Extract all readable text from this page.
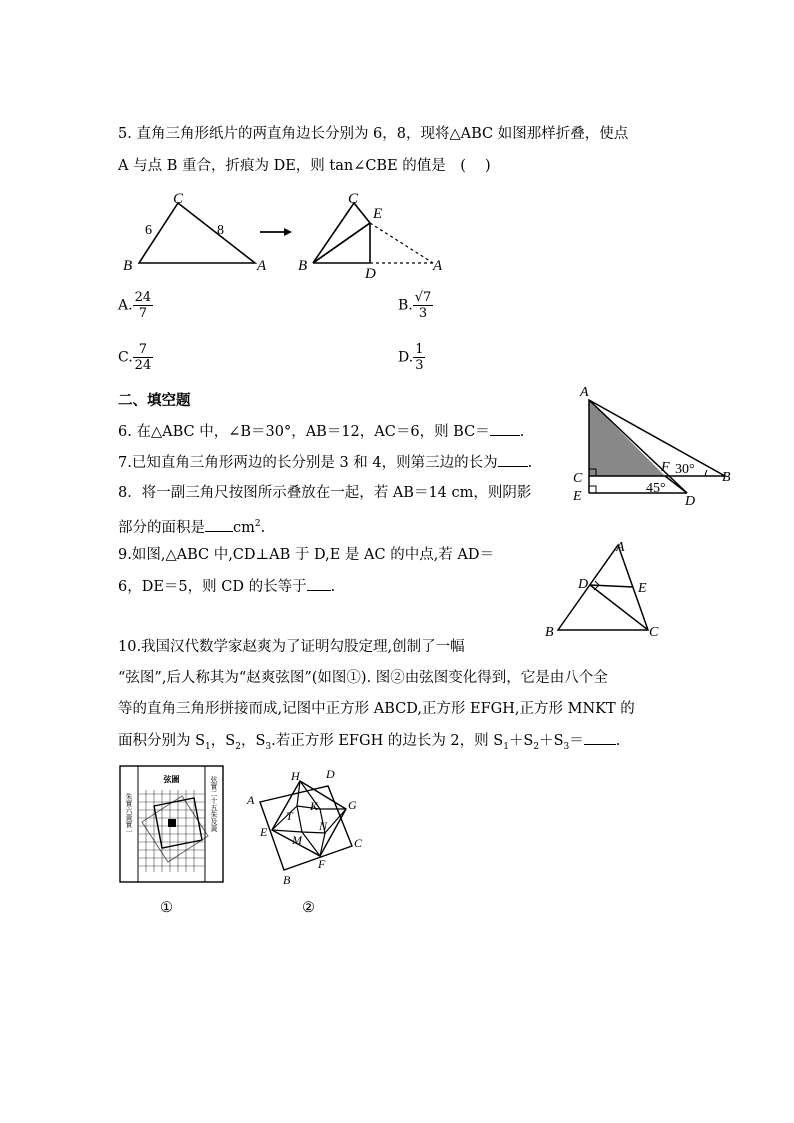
5. 直角三角形纸片的两直角边长分别为 6，8，现将△ABC 如图那样折叠，使点
A 与点 B 重合，折痕为 DE，则 tan∠CBE 的值是　(　 )
C
B	A
6	8
C
E
B	D	A
A. $\frac{24}{7}$	B. $\frac{√7}{3}$
C. $\frac{7}{24}$	D. $\frac{1}{3}$
二、填空题
6. 在△ABC 中，∠B＝30°，AB＝12，AC＝6，则 BC＝ .
7.已知直角三角形两边的长分别是 3 和 4，则第三边的长为 .
8．将一副三角尺按图所示叠放在一起，若 AB＝14 cm，则阴影
部分的面积是 $cm^2$.
A
C
E
F
B
D
30°
45°
9.如图,△ABC 中,CD⊥AB 于 D,E 是 AC 的中点,若 AD＝
6，DE＝5，则 CD 的长等于 .
A
D	E
B	C
10.我国汉代数学家赵爽为了证明勾股定理,创制了一幅
“弦图”,后人称其为“赵爽弦图”(如图①). 图②由弦图变化得到，它是由八个全
等的直角三角形拼接而成,记图中正方形 ABCD,正方形 EFGH,正方形 MNKT 的
面积分别为 $S_1$，$S_2$，$S_3$.若正方形 EFGH 的边长为 2，则 $S_1+S_2+S_3=$ .
弦圖
朱實六黃實一	弦實二十五朱及黃
①
H D
A	K G
T
E	N
C
M
F
B
②
